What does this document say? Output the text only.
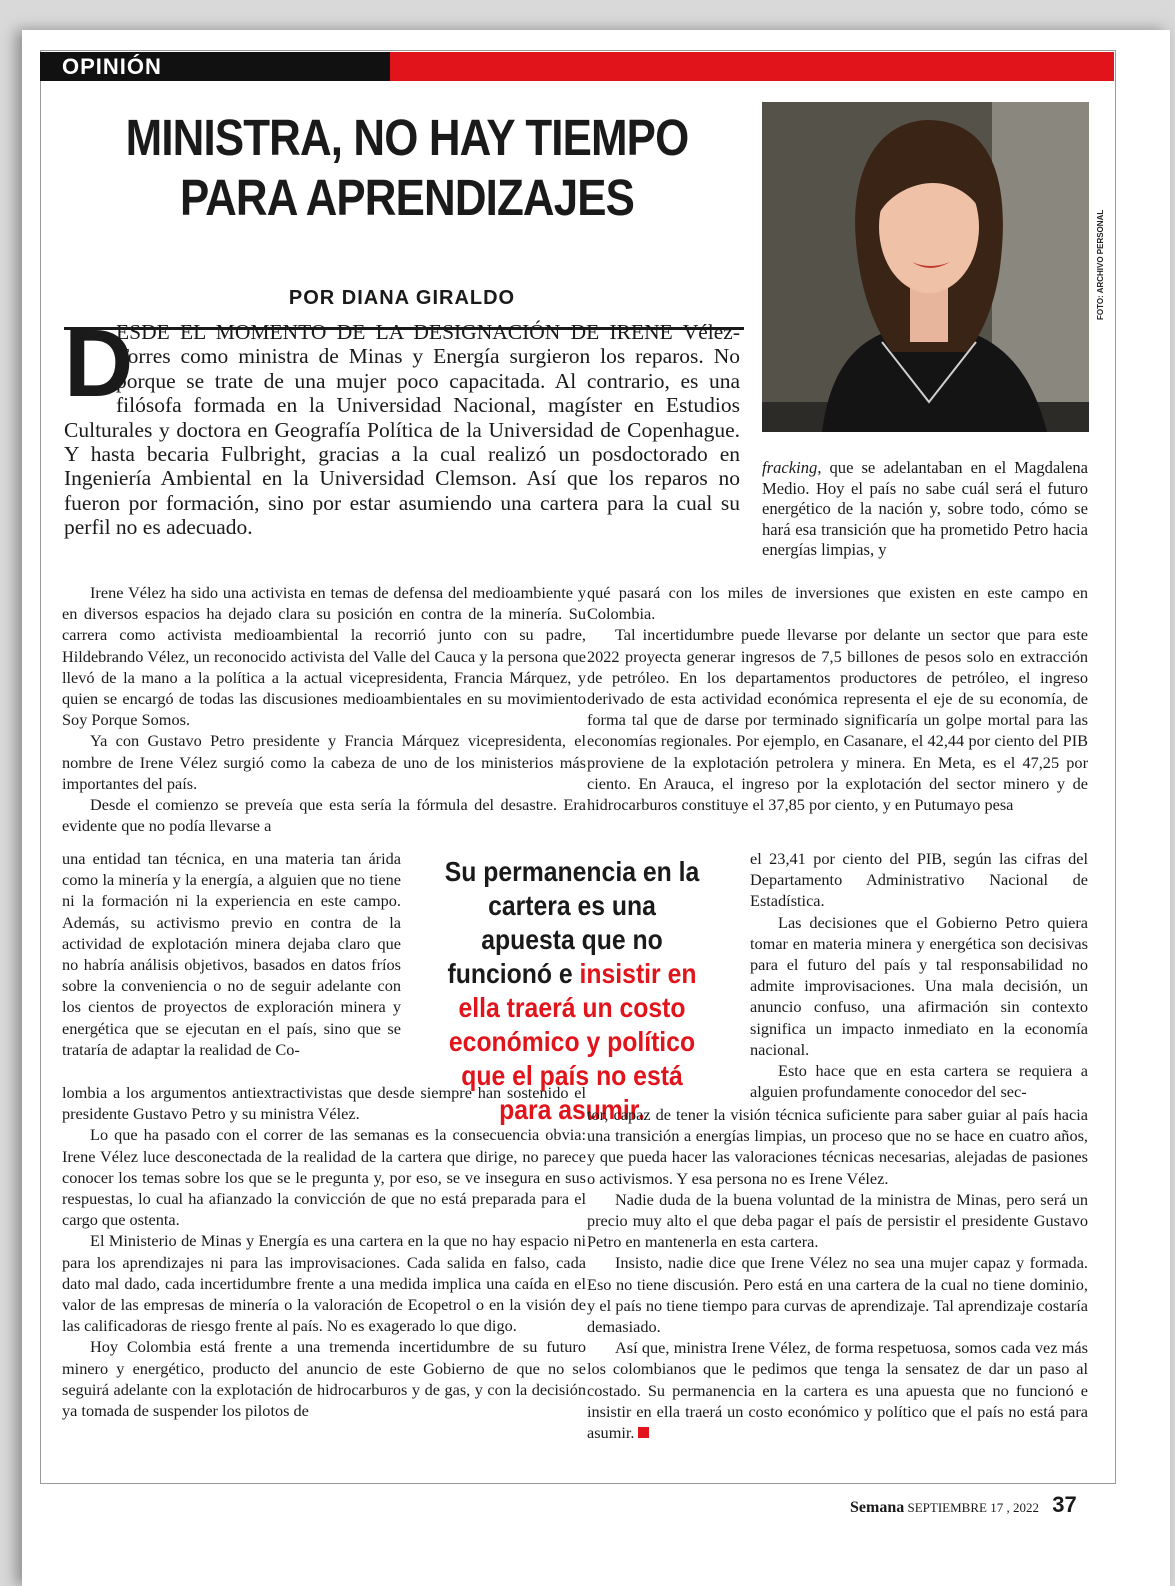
OPINIÓN
MINISTRA, NO HAY TIEMPO PARA APRENDIZAJES
POR DIANA GIRALDO	FOTO: ARCHIVO PERSONAL
D

ESDE EL MOMENTO DE LA DESIGNACIÓN DE IRENE Vélez-Torres como ministra de Minas y Energía surgieron los reparos. No porque se trate de una mujer poco capacitada. Al contrario, es una filósofa formada en la Universidad Nacional, magíster en Estudios Culturales y doctora en Geografía Política de la Universidad de Copenhague. Y hasta becaria Fulbright, gracias a la cual realizó un posdoctorado en Ingeniería Ambiental en la Universidad Clemson. Así que los reparos no fueron por formación, sino por estar asumiendo una cartera para la cual su perfil no es adecuado.

fracking, que se adelantaban en el Magdalena Medio. Hoy el país no sabe cuál será el futuro energético de la nación y, sobre todo, cómo se hará esa transición que ha prometido Petro hacia energías limpias, y

Irene Vélez ha sido una activista en temas de defensa del medioambiente y en diversos espacios ha dejado clara su posición en contra de la minería. Su carrera como activista medioambiental la recorrió junto con su padre, Hildebrando Vélez, un reconocido activista del Valle del Cauca y la persona que llevó de la mano a la política a la actual vicepresidenta, Francia Márquez, y quien se encargó de todas las discusiones medioambientales en su movimiento Soy Porque Somos.

Ya con Gustavo Petro presidente y Francia Márquez vicepresidenta, el nombre de Irene Vélez surgió como la cabeza de uno de los ministerios más importantes del país.

Desde el comienzo se preveía que esta sería la fórmula del desastre. Era evidente que no podía llevarse a

una entidad tan técnica, en una materia tan árida como la minería y la energía, a alguien que no tiene ni la formación ni la experiencia en este campo. Además, su activismo previo en contra de la actividad de explotación minera dejaba claro que no habría análisis objetivos, basados en datos fríos sobre la conveniencia o no de seguir adelante con los cientos de proyectos de exploración minera y energética que se ejecutan en el país, sino que se trataría de adaptar la realidad de Co-

lombia a los argumentos antiextractivistas que desde siempre han sostenido el presidente Gustavo Petro y su ministra Vélez.

Lo que ha pasado con el correr de las semanas es la consecuencia obvia: Irene Vélez luce desconectada de la realidad de la cartera que dirige, no parece conocer los temas sobre los que se le pregunta y, por eso, se ve insegura en sus respuestas, lo cual ha afianzado la convicción de que no está preparada para el cargo que ostenta.

El Ministerio de Minas y Energía es una cartera en la que no hay espacio ni para los aprendizajes ni para las improvisaciones. Cada salida en falso, cada dato mal dado, cada incertidumbre frente a una medida implica una caída en el valor de las empresas de minería o la valoración de Ecopetrol o en la visión de las calificadoras de riesgo frente al país. No es exagerado lo que digo.

Hoy Colombia está frente a una tremenda incertidumbre de su futuro minero y energético, producto del anuncio de este Gobierno de que no se seguirá adelante con la explotación de hidrocarburos y de gas, y con la decisión ya tomada de suspender los pilotos de

Su permanencia en la cartera es una apuesta que no funcionó e insistir en ella traerá un costo económico y político que el país no está para asumir.

qué pasará con los miles de inversiones que existen en este campo en Colombia.

Tal incertidumbre puede llevarse por delante un sector que para este 2022 proyecta generar ingresos de 7,5 billones de pesos solo en extracción de petróleo. En los departamentos productores de petróleo, el ingreso derivado de esta actividad económica representa el eje de su economía, de forma tal que de darse por terminado significaría un golpe mortal para las economías regionales. Por ejemplo, en Casanare, el 42,44 por ciento del PIB proviene de la explotación petrolera y minera. En Meta, es el 47,25 por ciento. En Arauca, el ingreso por la explotación del sector minero y de hidrocarburos constituye el 37,85 por ciento, y en Putumayo pesa

el 23,41 por ciento del PIB, según las cifras del Departamento Administrativo Nacional de Estadística.

Las decisiones que el Gobierno Petro quiera tomar en materia minera y energética son decisivas para el futuro del país y tal responsabilidad no admite improvisaciones. Una mala decisión, un anuncio confuso, una afirmación sin contexto significa un impacto inmediato en la economía nacional.

Esto hace que en esta cartera se requiera a alguien profundamente conocedor del sec-

tor, capaz de tener la visión técnica suficiente para saber guiar al país hacia una transición a energías limpias, un proceso que no se hace en cuatro años, y que pueda hacer las valoraciones técnicas necesarias, alejadas de pasiones o activismos. Y esa persona no es Irene Vélez.

Nadie duda de la buena voluntad de la ministra de Minas, pero será un precio muy alto el que deba pagar el país de persistir el presidente Gustavo Petro en mantenerla en esta cartera.

Insisto, nadie dice que Irene Vélez no sea una mujer capaz y formada. Eso no tiene discusión. Pero está en una cartera de la cual no tiene dominio, y el país no tiene tiempo para curvas de aprendizaje. Tal aprendizaje costaría demasiado.

Así que, ministra Irene Vélez, de forma respetuosa, somos cada vez más los colombianos que le pedimos que tenga la sensatez de dar un paso al costado. Su permanencia en la cartera es una apuesta que no funcionó e insistir en ella traerá un costo económico y político que el país no está para asumir.

Semana SEPTIEMBRE 17 , 2022 37
